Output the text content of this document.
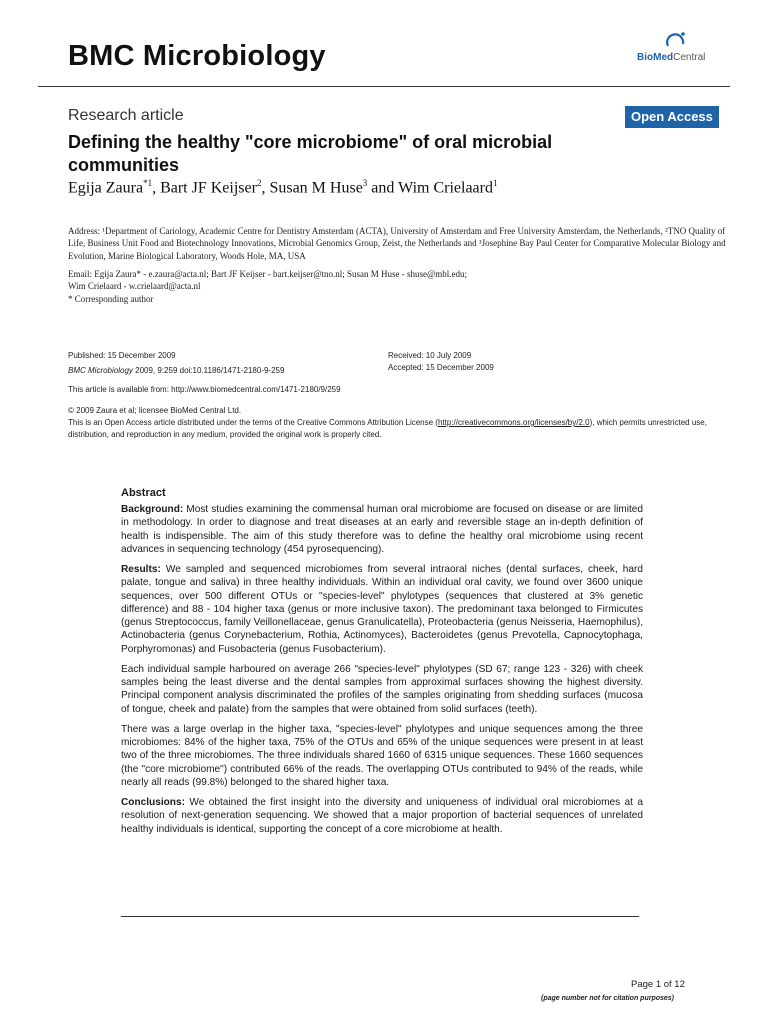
BMC Microbiology	BioMedCentral
Research article	Open Access
Defining the healthy "core microbiome" of oral microbial communities
Egija Zaura$^{*1}$, Bart JF Keijser$^2$, Susan M Huse$^3$ and Wim Crielaard$^1$
Address: ¹Department of Cariology, Academic Centre for Dentistry Amsterdam (ACTA), University of Amsterdam and Free University Amsterdam, the Netherlands, ²TNO Quality of Life, Business Unit Food and Biotechnology Innovations, Microbial Genomics Group, Zeist, the Netherlands and ³Josephine Bay Paul Center for Comparative Molecular Biology and Evolution, Marine Biological Laboratory, Woods Hole, MA, USA
Email: Egija Zaura* - e.zaura@acta.nl; Bart JF Keijser - bart.keijser@tno.nl; Susan M Huse - shuse@mbl.edu;
Wim Crielaard - w.crielaard@acta.nl
* Corresponding author
Published: 15 December 2009
BMC Microbiology 2009, 9:259 doi:10.1186/1471-2180-9-259
Received: 10 July 2009
Accepted: 15 December 2009
This article is available from: http://www.biomedcentral.com/1471-2180/9/259
© 2009 Zaura et al; licensee BioMed Central Ltd.
This is an Open Access article distributed under the terms of the Creative Commons Attribution License (http://creativecommons.org/licenses/by/2.0), which permits unrestricted use, distribution, and reproduction in any medium, provided the original work is properly cited.
Abstract

Background: Most studies examining the commensal human oral microbiome are focused on disease or are limited in methodology. In order to diagnose and treat diseases at an early and reversible stage an in-depth definition of health is indispensible. The aim of this study therefore was to define the healthy oral microbiome using recent advances in sequencing technology (454 pyrosequencing).

Results: We sampled and sequenced microbiomes from several intraoral niches (dental surfaces, cheek, hard palate, tongue and saliva) in three healthy individuals. Within an individual oral cavity, we found over 3600 unique sequences, over 500 different OTUs or "species-level" phylotypes (sequences that clustered at 3% genetic difference) and 88 - 104 higher taxa (genus or more inclusive taxon). The predominant taxa belonged to Firmicutes (genus Streptococcus, family Veillonellaceae, genus Granulicatella), Proteobacteria (genus Neisseria, Haemophilus), Actinobacteria (genus Corynebacterium, Rothia, Actinomyces), Bacteroidetes (genus Prevotella, Capnocytophaga, Porphyromonas) and Fusobacteria (genus Fusobacterium).

Each individual sample harboured on average 266 "species-level" phylotypes (SD 67; range 123 - 326) with cheek samples being the least diverse and the dental samples from approximal surfaces showing the highest diversity. Principal component analysis discriminated the profiles of the samples originating from shedding surfaces (mucosa of tongue, cheek and palate) from the samples that were obtained from solid surfaces (teeth).

There was a large overlap in the higher taxa, "species-level" phylotypes and unique sequences among the three microbiomes: 84% of the higher taxa, 75% of the OTUs and 65% of the unique sequences were present in at least two of the three microbiomes. The three individuals shared 1660 of 6315 unique sequences. These 1660 sequences (the "core microbiome") contributed 66% of the reads. The overlapping OTUs contributed to 94% of the reads, while nearly all reads (99.8%) belonged to the shared higher taxa.

Conclusions: We obtained the first insight into the diversity and uniqueness of individual oral microbiomes at a resolution of next-generation sequencing. We showed that a major proportion of bacterial sequences of unrelated healthy individuals is identical, supporting the concept of a core microbiome at health.

Page 1 of 12
(page number not for citation purposes)
